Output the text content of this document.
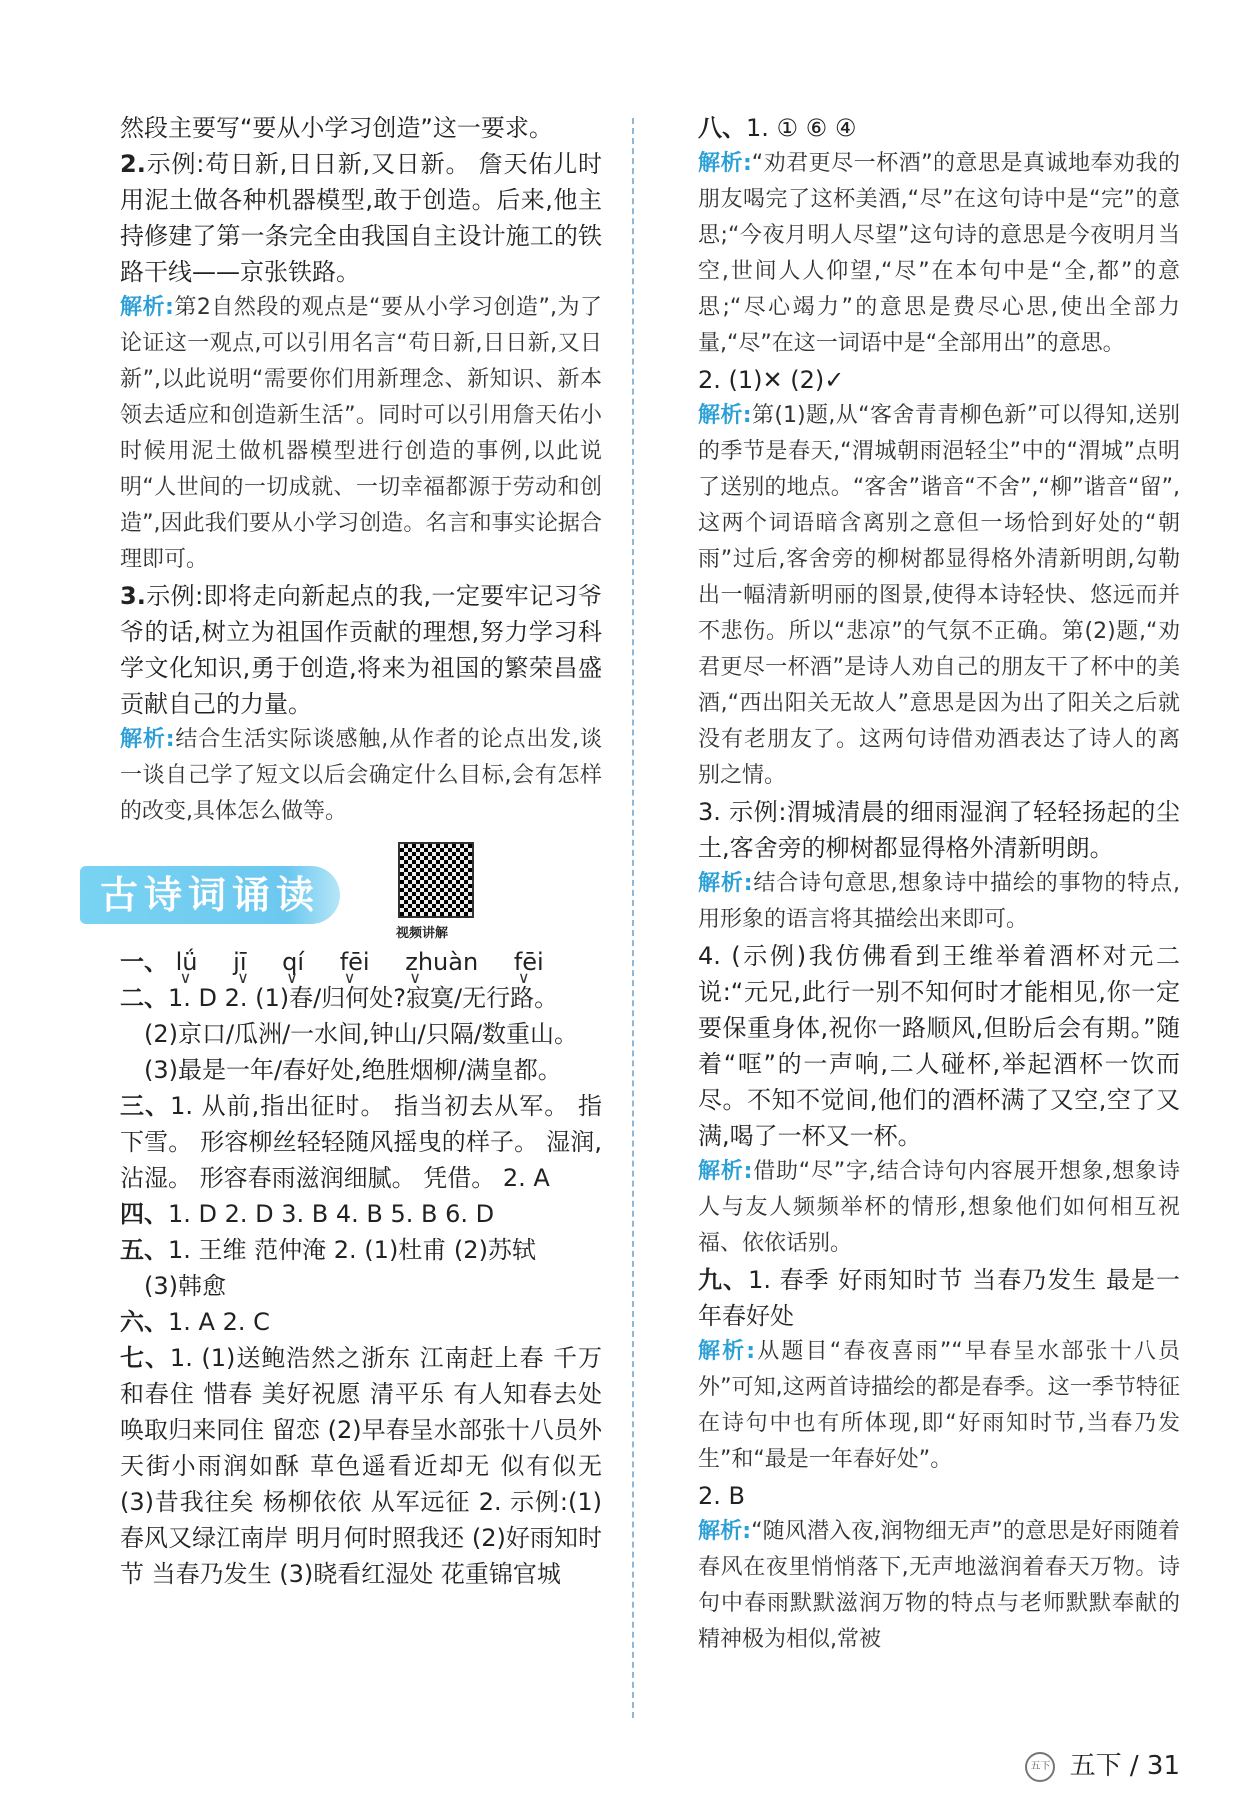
然段主要写“要从小学习创造”这一要求。

2.示例:苟日新,日日新,又日新。 詹天佑儿时用泥土做各种机器模型,敢于创造。后来,他主持修建了第一条完全由我国自主设计施工的铁路干线——京张铁路。

解析:第2自然段的观点是“要从小学习创造”,为了论证这一观点,可以引用名言“苟日新,日日新,又日新”,以此说明“需要你们用新理念、新知识、新本领去适应和创造新生活”。同时可以引用詹天佑小时候用泥土做机器模型进行创造的事例,以此说明“人世间的一切成就、一切幸福都源于劳动和创造”,因此我们要从小学习创造。名言和事实论据合理即可。

3.示例:即将走向新起点的我,一定要牢记习爷爷的话,树立为祖国作贡献的理想,努力学习科学文化知识,勇于创造,将来为祖国的繁荣昌盛贡献自己的力量。

解析:结合生活实际谈感触,从作者的论点出发,谈一谈自己学了短文以后会确定什么目标,会有怎样的改变,具体怎么做等。

古诗词诵读
视频讲解

一、 lǘ ∨ jī ∨ qí ∨ fēi ∨ zhuàn ∨ fēi ∨

二、1. D 2. (1)春/归何处?寂寞/无行路。

(2)京口/瓜洲/一水间,钟山/只隔/数重山。

(3)最是一年/春好处,绝胜烟柳/满皇都。

三、1. 从前,指出征时。 指当初去从军。 指下雪。 形容柳丝轻轻随风摇曳的样子。 湿润,沾湿。 形容春雨滋润细腻。 凭借。 2. A

四、1. D 2. D 3. B 4. B 5. B 6. D

五、1. 王维 范仲淹 2. (1)杜甫 (2)苏轼

(3)韩愈

六、1. A 2. C

七、1. (1)送鲍浩然之浙东 江南赶上春 千万和春住 惜春 美好祝愿 清平乐 有人知春去处 唤取归来同住 留恋 (2)早春呈水部张十八员外 天街小雨润如酥 草色遥看近却无 似有似无 (3)昔我往矣 杨柳依依 从军远征 2. 示例:(1)春风又绿江南岸 明月何时照我还 (2)好雨知时节 当春乃发生 (3)晓看红湿处 花重锦官城

八、1. ① ⑥ ④

解析:“劝君更尽一杯酒”的意思是真诚地奉劝我的朋友喝完了这杯美酒,“尽”在这句诗中是“完”的意思;“今夜月明人尽望”这句诗的意思是今夜明月当空,世间人人仰望,“尽”在本句中是“全,都”的意思;“尽心竭力”的意思是费尽心思,使出全部力量,“尽”在这一词语中是“全部用出”的意思。

2. (1)✕ (2)✓

解析:第(1)题,从“客舍青青柳色新”可以得知,送别的季节是春天,“渭城朝雨浥轻尘”中的“渭城”点明了送别的地点。“客舍”谐音“不舍”,“柳”谐音“留”,这两个词语暗含离别之意但一场恰到好处的“朝雨”过后,客舍旁的柳树都显得格外清新明朗,勾勒出一幅清新明丽的图景,使得本诗轻快、悠远而并不悲伤。所以“悲凉”的气氛不正确。第(2)题,“劝君更尽一杯酒”是诗人劝自己的朋友干了杯中的美酒,“西出阳关无故人”意思是因为出了阳关之后就没有老朋友了。这两句诗借劝酒表达了诗人的离别之情。

3. 示例:渭城清晨的细雨湿润了轻轻扬起的尘土,客舍旁的柳树都显得格外清新明朗。

解析:结合诗句意思,想象诗中描绘的事物的特点,用形象的语言将其描绘出来即可。

4. (示例)我仿佛看到王维举着酒杯对元二说:“元兄,此行一别不知何时才能相见,你一定要保重身体,祝你一路顺风,但盼后会有期。”随着“哐”的一声响,二人碰杯,举起酒杯一饮而尽。不知不觉间,他们的酒杯满了又空,空了又满,喝了一杯又一杯。

解析:借助“尽”字,结合诗句内容展开想象,想象诗人与友人频频举杯的情形,想象他们如何相互祝福、依依话别。

九、1. 春季 好雨知时节 当春乃发生 最是一年春好处

解析:从题目“春夜喜雨”“早春呈水部张十八员外”可知,这两首诗描绘的都是春季。这一季节特征在诗句中也有所体现,即“好雨知时节,当春乃发生”和“最是一年春好处”。

2. B

解析:“随风潜入夜,润物细无声”的意思是好雨随着春风在夜里悄悄落下,无声地滋润着春天万物。诗句中春雨默默滋润万物的特点与老师默默奉献的精神极为相似,常被

五下 五下 / 31
